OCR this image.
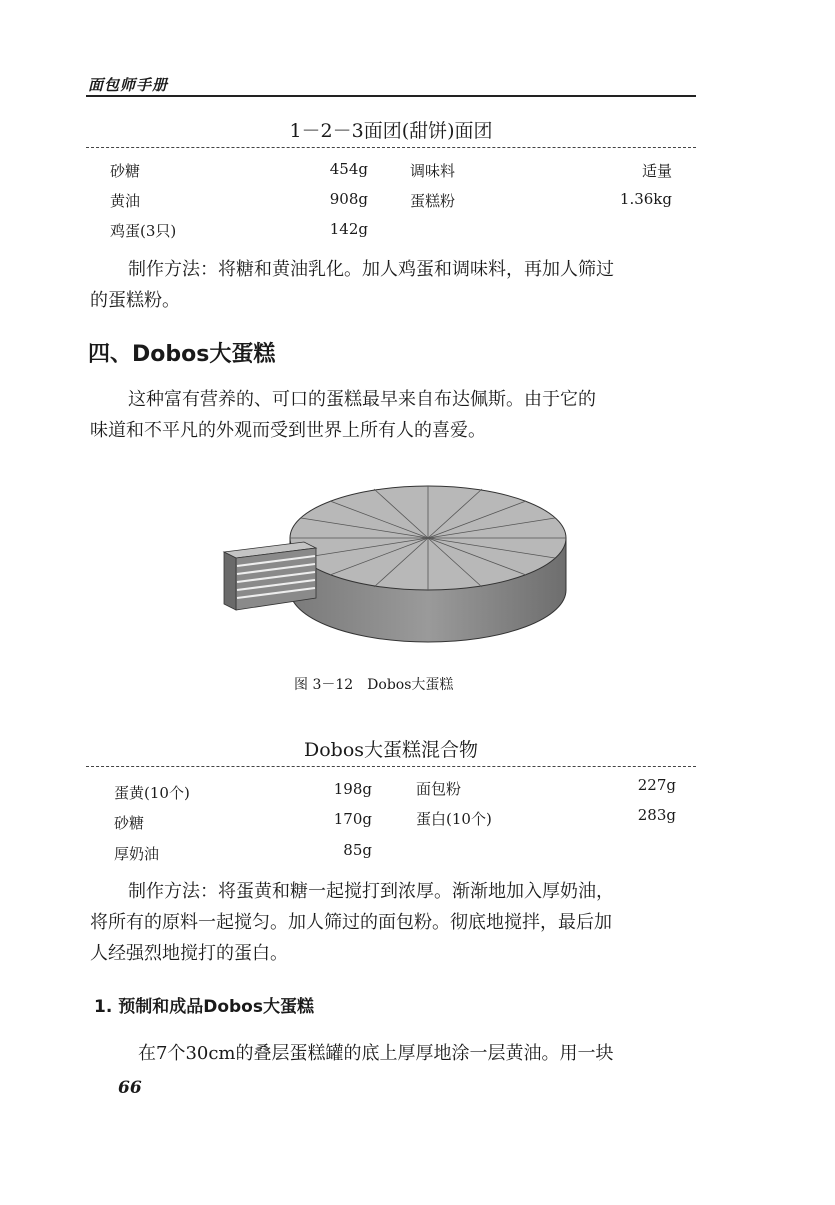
面包师手册
1－2－3面团(甜饼)面团
砂糖	454g	调味料	适量
黄油	908g	蛋糕粉	1.36kg
鸡蛋(3只)	142g
制作方法：将糖和黄油乳化。加人鸡蛋和调味料，再加人筛过
的蛋糕粉。
四、Dobos大蛋糕
这种富有营养的、可口的蛋糕最早来自布达佩斯。由于它的
味道和不平凡的外观而受到世界上所有人的喜爱。
图 3－12　Dobos大蛋糕
Dobos大蛋糕混合物
蛋黄(10个)	198g	面包粉	227g
砂糖	170g	蛋白(10个)	283g
厚奶油	85g
制作方法：将蛋黄和糖一起搅打到浓厚。渐渐地加入厚奶油，
将所有的原料一起搅匀。加人筛过的面包粉。彻底地搅拌，最后加
人经强烈地搅打的蛋白。
1. 预制和成品Dobos大蛋糕
在7个30cm的叠层蛋糕罐的底上厚厚地涂一层黄油。用一块
66
